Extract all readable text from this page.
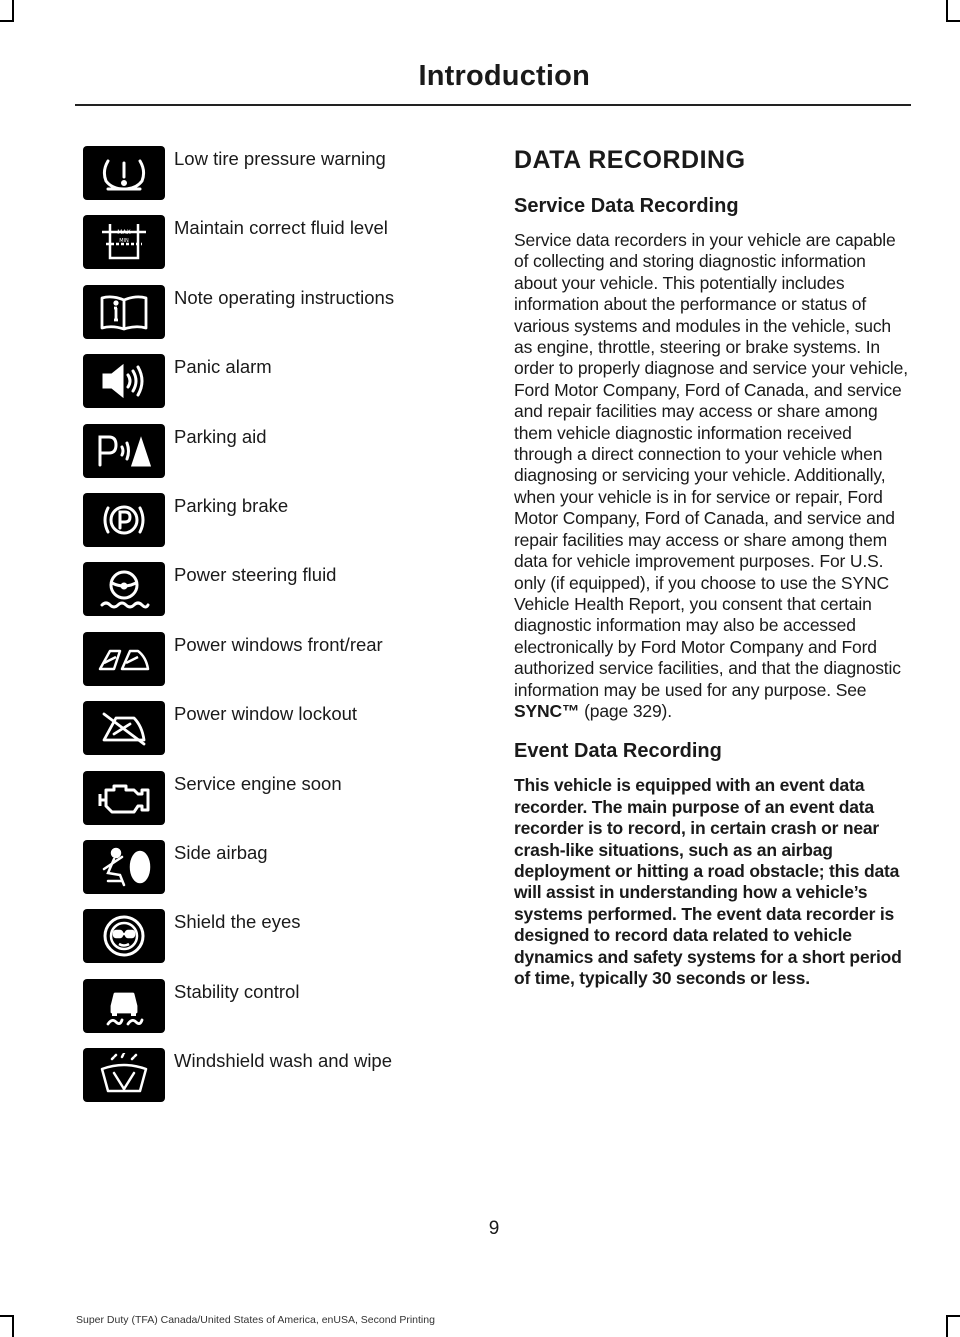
Introduction
Low tire pressure warning
MAX
MIN
Maintain correct fluid level
Note operating instructions
Panic alarm
Parking aid
Parking brake
Power steering fluid
Power windows front/rear
Power window lockout
Service engine soon
Side airbag
Shield the eyes
Stability control
Windshield wash and wipe
DATA RECORDING
Service Data Recording
Service data recorders in your vehicle are capable of collecting and storing diagnostic information about your vehicle. This potentially includes information about the performance or status of various systems and modules in the vehicle, such as engine, throttle, steering or brake systems. In order to properly diagnose and service your vehicle, Ford Motor Company, Ford of Canada, and service and repair facilities may access or share among them vehicle diagnostic information received through a direct connection to your vehicle when diagnosing or servicing your vehicle. Additionally, when your vehicle is in for service or repair, Ford Motor Company, Ford of Canada, and service and repair facilities may access or share among them data for vehicle improvement purposes. For U.S. only (if equipped), if you choose to use the SYNC Vehicle Health Report, you consent that certain diagnostic information may also be accessed electronically by Ford Motor Company and Ford authorized service facilities, and that the diagnostic information may be used for any purpose. See SYNC™ (page 329).
Event Data Recording
This vehicle is equipped with an event data recorder. The main purpose of an event data recorder is to record, in certain crash or near crash-like situations, such as an airbag deployment or hitting a road obstacle; this data will assist in understanding how a vehicle’s systems performed. The event data recorder is designed to record data related to vehicle dynamics and safety systems for a short period of time, typically 30 seconds or less.
9
Super Duty (TFA) Canada/United States of America, enUSA, Second Printing
